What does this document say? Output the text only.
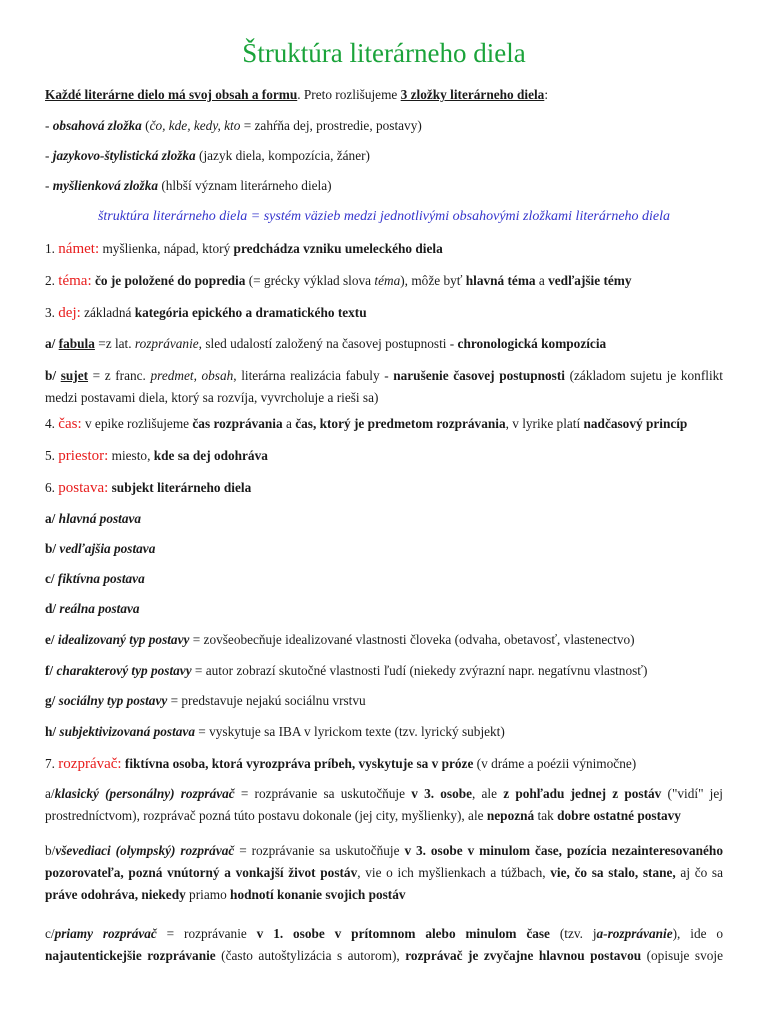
Štruktúra literárneho diela
Každé literárne dielo má svoj obsah a formu. Preto rozlišujeme 3 zložky literárneho diela:
- obsahová zložka (čo, kde, kedy, kto = zahŕňa dej, prostredie, postavy)
- jazykovo-štylistická zložka (jazyk diela, kompozícia, žáner)
- myšlienková zložka (hlbší význam literárneho diela)
štruktúra literárneho diela = systém väzieb medzi jednotlivými obsahovými zložkami literárneho diela
1. námet: myšlienka, nápad, ktorý predchádza vzniku umeleckého diela
2. téma: čo je položené do popredia (= grécky výklad slova téma), môže byť hlavná téma a vedľajšie témy
3. dej: základná kategória epického a dramatického textu
a/ fabula =z lat. rozprávanie, sled udalostí založený na časovej postupnosti - chronologická kompozícia
b/ sujet = z franc. predmet, obsah, literárna realizácia fabuly - narušenie časovej postupnosti (základom sujetu je konflikt medzi postavami diela, ktorý sa rozvíja, vyvrcholuje a rieši sa)
4. čas: v epike rozlišujeme čas rozprávania a čas, ktorý je predmetom rozprávania, v lyrike platí nadčasový princíp
5. priestor: miesto, kde sa dej odohráva
6. postava: subjekt literárneho diela
a/ hlavná postava
b/ vedľajšia postava
c/ fiktívna postava
d/ reálna postava
e/ idealizovaný typ postavy = zovšeobecňuje idealizované vlastnosti človeka (odvaha, obetavosť, vlastenectvo)
f/ charakterový typ postavy = autor zobrazí skutočné vlastnosti ľudí (niekedy zvýrazní napr. negatívnu vlastnosť)
g/ sociálny typ postavy = predstavuje nejakú sociálnu vrstvu
h/ subjektivizovaná postava = vyskytuje sa IBA v lyrickom texte (tzv. lyrický subjekt)
7. rozprávač: fiktívna osoba, ktorá vyrozpráva príbeh, vyskytuje sa v próze (v dráme a poézii výnimočne)
a/klasický (personálny) rozprávač = rozprávanie sa uskutočňuje v 3. osobe, ale z pohľadu jednej z postáv ("vidí" jej prostredníctvom), rozprávač pozná túto postavu dokonale (jej city, myšlienky), ale nepozná tak dobre ostatné postavy
b/vševediaci (olympský) rozprávač = rozprávanie sa uskutočňuje v 3. osobe v minulom čase, pozícia nezainteresovaného pozorovateľa, pozná vnútorný a vonkajší život postáv, vie o ich myšlienkach a túžbach, vie, čo sa stalo, stane, aj čo sa práve odohráva, niekedy priamo hodnotí konanie svojich postáv
c/priamy rozprávač = rozprávanie v 1. osobe v prítomnom alebo minulom čase (tzv. ja-rozprávanie), ide o najautentickejšie rozprávanie (často autoštylizácia s autorom), rozprávač je zvyčajne hlavnou postavou (opisuje svoje
